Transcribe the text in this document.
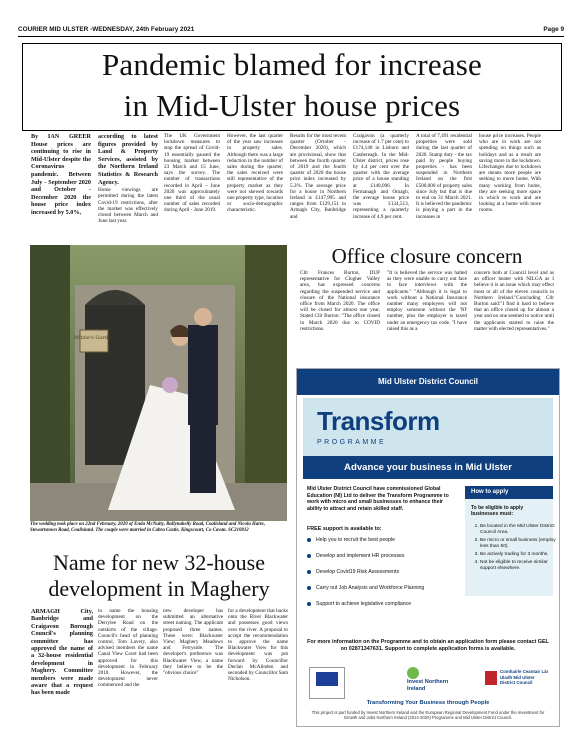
COURIER MID ULSTER -WEDNESDAY, 24th February 2021	Page 9
Pandemic blamed for increase
in Mid-Ulster house prices
By IAN GREER House prices are continuing to rise in Mid-Ulster despite the Coronavirus pandemic. Between July - September 2020 and October - December 2020 the house price index increased by 5.0%,
according to latest figures provided by Land & Property Services, assisted by the Northern Ireland Statistics & Research Agency.
Home viewings are permitted during the latest Covid-19 restrictions, after the market was effectively closed between March and June last year.
The UK Government lockdown measures to stop the spread of Covid-19 essentially paused the housing market between 23 March and 15 June, says the survey. The number of transactions recorded in April – June 2020 was approximately one third of the usual number of sales recorded during April - June 2019.
However, the last quarter of the year saw increases in property sales. Although there was a large reduction in the number of sales during the quarter, the sales received were still representative of the property market as they were not skewed towards one property type, location or socio-demographic characteristic.
Results for the most recent quarter (October - December 2020), which are provisional, show that between the fourth quarter of 2019 and the fourth quarter of 2020 the house price index increased by 5.3%. The average price for a house in Northern Ireland is £147,995 and ranges from £129,151 in Armagh City, Banbridge and
Craigavon (a quarterly increase of 1.7 per cent) to £174,148 in Lisburn and Castlereagh. In the Mid-Ulster district, prices rose by 4.4 per cent over the quarter with the average price of a house standing at £148,096. In Fermanagh and Omagh, the average house price was £134,513, representing a quarterly increase of 4.9 per cent.
A total of 7,491 residential properties were sold during the last quarter of 2020. Stamp duty - the tax paid by people buying properties - has been suspended in Northern Ireland on the first £500,000 of property sales since July but that is due to end on 31 March 2021. It is believed the pandemic is playing a part in the increases in
house price increases. People who are in work are not spending on things such as holidays and as a result are saving more in the lockdown. Lifechanges due to lockdown are means more people are seeking to move home. With many working from home, they are seeking more space in which to work and are looking at a home with more rooms.
Mitzie's Garden
The wedding took place on 22nd February, 2020 of Enda McNulty, Ballynakelly Road, Coalisland and Nicola Harte, Stewartstown Road, Coalisland. The couple were married in Cabra Castle, Kingscourt, Co Cavan. SC210812
Office closure concern
Cllr Frances Burton, DUP representative for Clogher Valley area, has expressed concerns regarding the suspended service and closure of the National insurance office from March 2020. The office will be closed for almost one year. Stated Cllr Burton: "The office closed in March 2020 due to COVID restrictions.
"It is believed the service was halted as they were unable to carry out face to face interviews with the applicants." "Although it is legal to work without a National Insurance number many employers will not employ someone without the 'NI' number, plus the employer is taxed under an emergency tax code. "I have raised this as a
concern both at Council level and as an officer heater with NILGA as I believe it is an issue which may effect most or all of the eleven councils in Northern Ireland."Concluding Cllr Burton said:"I find it hard to believe that an office closed up for almost a year and no one seemed to notice until the applicants started to raise the matter with elected representatives."
Mid Ulster District Council
Transform
PROGRAMME
Advance your business in Mid Ulster
Mid Ulster District Council have commissioned Global Education (NI) Ltd to deliver the Transform Programme to work with micro and small businesses to enhance their ability to attract and retain skilled staff.
FREE support is available to:
Help you to recruit the best people
Develop and implement HR processes
Develop Covid19 Risk Assessments
Carry out Job Analysis and Workforce Planning
Support to achieve legislative compliance
How to apply
To be eligible to apply businesses must:
1. Be located in the Mid Ulster District Council Area.
2. Be micro or small business (employ less than 50).
3. Be actively trading for 3 months.
4. Not be eligible to receive similar support elsewhere.
For more information on the Programme and to obtain an application form please contact GEL on 02871347631. Support to complete application forms is available.
Invest Northern Ireland
Comhairle Ceantair Lár Uladh Mid Ulster District Council
Transforming Your Business through People
This project is part funded by Invest Northern Ireland and the European Regional Development Fund under the Investment for Growth and Jobs Northern Ireland (2014-2020) Programme and Mid Ulster District Council.
Name for new 32-house development in Maghery
ARMAGH City, Banbridge and Craigavon Borough Council's planning committee has approved the name of a 32-house residential development in Maghery. Committee members were made aware that a request has been made
to name the housing development on the Derrylee Road on the outskirts of the village. Council's head of planning control, Tom Lavery, also advised members the name Canal View Court had been approved for this development in February 2010. However, the development never commenced and the
new developer has submitted an alternative street naming. The applicant proposed three names. These were: Blackwater View; Maghery Meadows and Ferryside. The developer's preference was Blackwater View, a name they believe to be the "obvious choice"
for a development that backs onto the River Blackwater and possesses good views over the river. A proposal to accept the recommendation to approve the name Blackwater View for this development was put forward by Councillor Declan McAlinden and seconded by Councillor Sam Nicholson.
